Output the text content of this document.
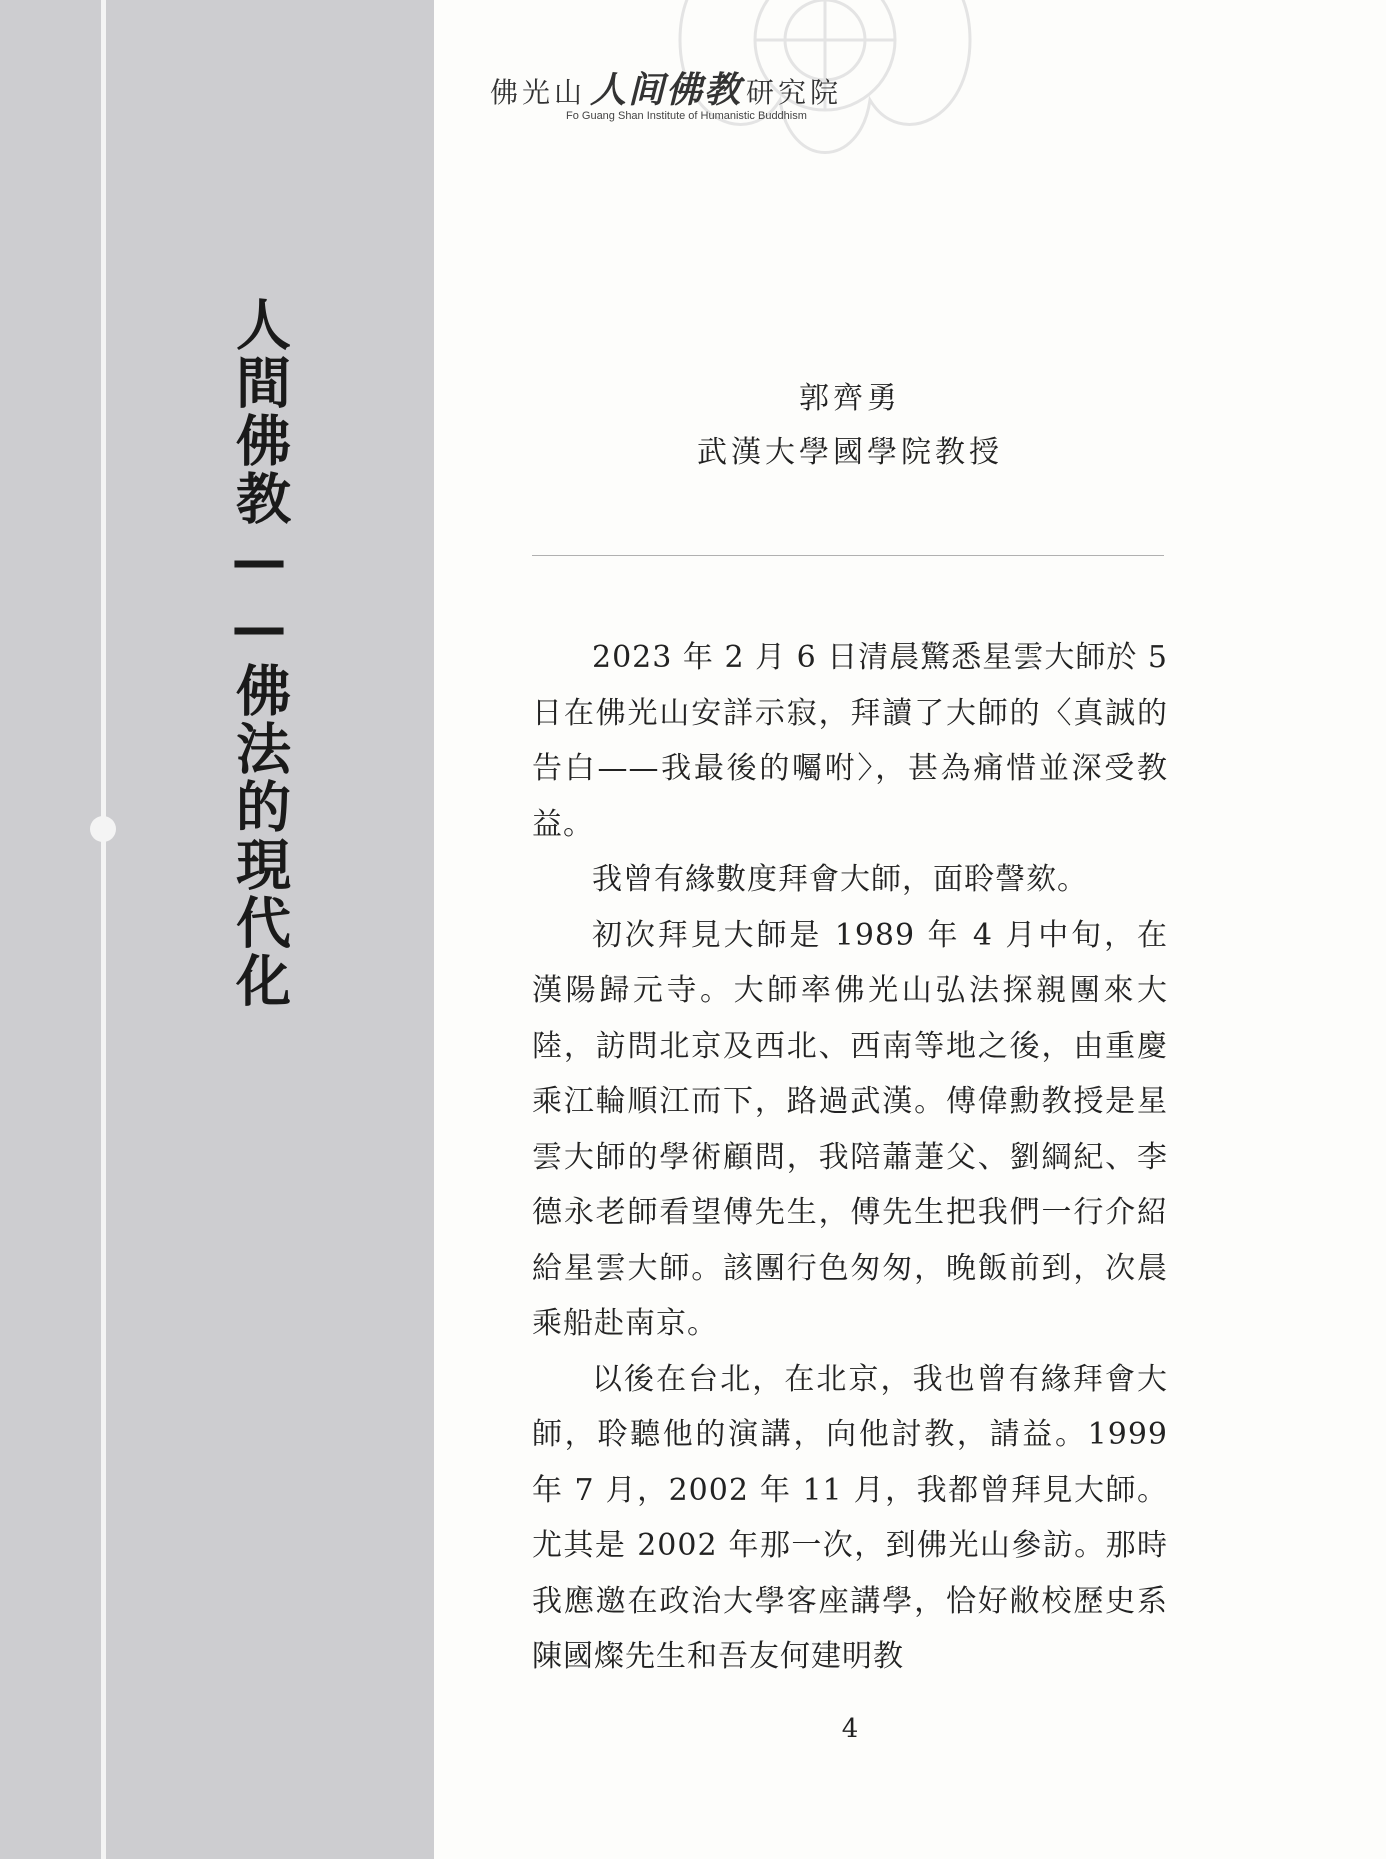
人間佛教——佛法的現代化
佛光山 人间佛教 研究院
Fo Guang Shan Institute of Humanistic Buddhism
郭齊勇
武漢大學國學院教授

2023 年 2 月 6 日清晨驚悉星雲大師於 5 日在佛光山安詳示寂，拜讀了大師的〈真誠的告白——我最後的囑咐〉，甚為痛惜並深受教益。

我曾有緣數度拜會大師，面聆謦欬。

初次拜見大師是 1989 年 4 月中旬，在漢陽歸元寺。大師率佛光山弘法探親團來大陸，訪問北京及西北、西南等地之後，由重慶乘江輪順江而下，路過武漢。傅偉勳教授是星雲大師的學術顧問，我陪蕭萐父、劉綱紀、李德永老師看望傅先生，傅先生把我們一行介紹給星雲大師。該團行色匆匆，晚飯前到，次晨乘船赴南京。

以後在台北，在北京，我也曾有緣拜會大師，聆聽他的演講，向他討教，請益。1999 年 7 月，2002 年 11 月，我都曾拜見大師。尤其是 2002 年那一次，到佛光山參訪。那時我應邀在政治大學客座講學，恰好敝校歷史系陳國燦先生和吾友何建明教

4
